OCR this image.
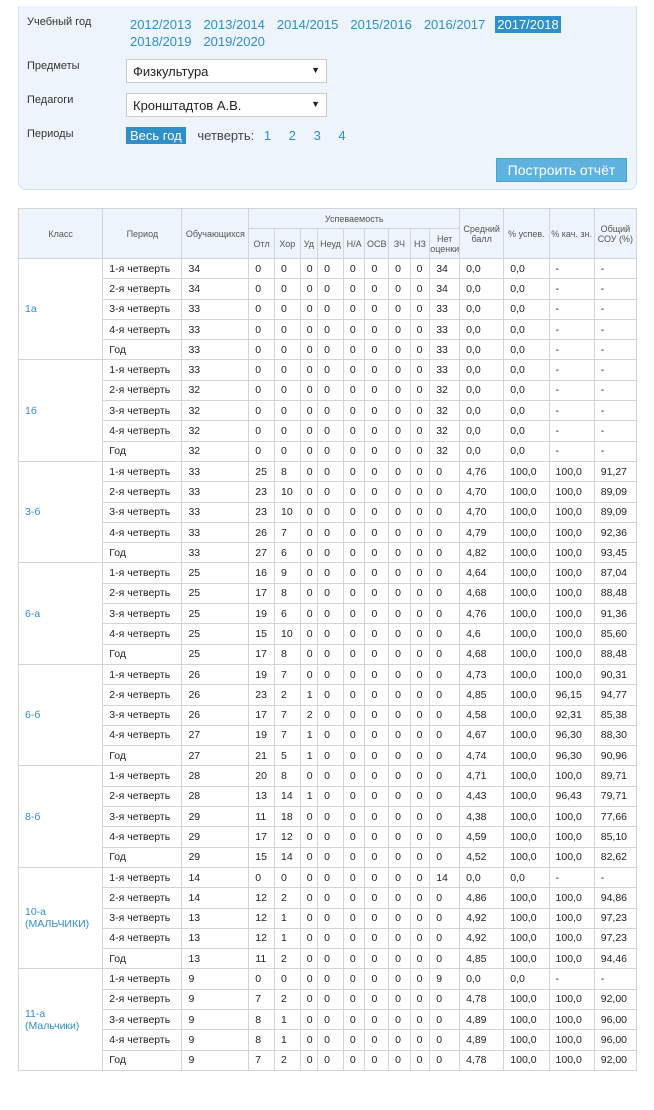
Учебный год	2012/2013 2013/2014 2014/2015 2015/2016 2016/2017 2017/20182018/2019 2019/2020
Предметы	Физкультура	▼
Педагоги	Кронштадтов А.В.	▼
Периоды	Весь год четверть: 1 2 3 4
Построить отчёт
Класс	Период	Обучающихся	Успеваемость									Средний балл	% успев.	% кач. зн.	Общий СОУ (%)
			Отл	Хор	Уд	Неуд	Н/А	ОСВ	ЗЧ	НЗ	Нет оценки				
1а	1-я четверть	34	0	0	0	0	0	0	0	0	34	0,0	0,0	-	-
	2-я четверть	34	0	0	0	0	0	0	0	0	34	0,0	0,0	-	-
	3-я четверть	33	0	0	0	0	0	0	0	0	33	0,0	0,0	-	-
	4-я четверть	33	0	0	0	0	0	0	0	0	33	0,0	0,0	-	-
	Год	33	0	0	0	0	0	0	0	0	33	0,0	0,0	-	-
1б	1-я четверть	33	0	0	0	0	0	0	0	0	33	0,0	0,0	-	-
	2-я четверть	32	0	0	0	0	0	0	0	0	32	0,0	0,0	-	-
	3-я четверть	32	0	0	0	0	0	0	0	0	32	0,0	0,0	-	-
	4-я четверть	32	0	0	0	0	0	0	0	0	32	0,0	0,0	-	-
	Год	32	0	0	0	0	0	0	0	0	32	0,0	0,0	-	-
3-б	1-я четверть	33	25	8	0	0	0	0	0	0	0	4,76	100,0	100,0	91,27
	2-я четверть	33	23	10	0	0	0	0	0	0	0	4,70	100,0	100,0	89,09
	3-я четверть	33	23	10	0	0	0	0	0	0	0	4,70	100,0	100,0	89,09
	4-я четверть	33	26	7	0	0	0	0	0	0	0	4,79	100,0	100,0	92,36
	Год	33	27	6	0	0	0	0	0	0	0	4,82	100,0	100,0	93,45
6-а	1-я четверть	25	16	9	0	0	0	0	0	0	0	4,64	100,0	100,0	87,04
	2-я четверть	25	17	8	0	0	0	0	0	0	0	4,68	100,0	100,0	88,48
	3-я четверть	25	19	6	0	0	0	0	0	0	0	4,76	100,0	100,0	91,36
	4-я четверть	25	15	10	0	0	0	0	0	0	0	4,6	100,0	100,0	85,60
	Год	25	17	8	0	0	0	0	0	0	0	4,68	100,0	100,0	88,48
6-б	1-я четверть	26	19	7	0	0	0	0	0	0	0	4,73	100,0	100,0	90,31
	2-я четверть	26	23	2	1	0	0	0	0	0	0	4,85	100,0	96,15	94,77
	3-я четверть	26	17	7	2	0	0	0	0	0	0	4,58	100,0	92,31	85,38
	4-я четверть	27	19	7	1	0	0	0	0	0	0	4,67	100,0	96,30	88,30
	Год	27	21	5	1	0	0	0	0	0	0	4,74	100,0	96,30	90,96
8-б	1-я четверть	28	20	8	0	0	0	0	0	0	0	4,71	100,0	100,0	89,71
	2-я четверть	28	13	14	1	0	0	0	0	0	0	4,43	100,0	96,43	79,71
	3-я четверть	29	11	18	0	0	0	0	0	0	0	4,38	100,0	100,0	77,66
	4-я четверть	29	17	12	0	0	0	0	0	0	0	4,59	100,0	100,0	85,10
	Год	29	15	14	0	0	0	0	0	0	0	4,52	100,0	100,0	82,62
10-а (МАЛЬЧИКИ)	1-я четверть	14	0	0	0	0	0	0	0	0	14	0,0	0,0	-	-
	2-я четверть	14	12	2	0	0	0	0	0	0	0	4,86	100,0	100,0	94,86
	3-я четверть	13	12	1	0	0	0	0	0	0	0	4,92	100,0	100,0	97,23
	4-я четверть	13	12	1	0	0	0	0	0	0	0	4,92	100,0	100,0	97,23
	Год	13	11	2	0	0	0	0	0	0	0	4,85	100,0	100,0	94,46
11-а (Мальчики)	1-я четверть	9	0	0	0	0	0	0	0	0	9	0,0	0,0	-	-
	2-я четверть	9	7	2	0	0	0	0	0	0	0	4,78	100,0	100,0	92,00
	3-я четверть	9	8	1	0	0	0	0	0	0	0	4,89	100,0	100,0	96,00
	4-я четверть	9	8	1	0	0	0	0	0	0	0	4,89	100,0	100,0	96,00
	Год	9	7	2	0	0	0	0	0	0	0	4,78	100,0	100,0	92,00
